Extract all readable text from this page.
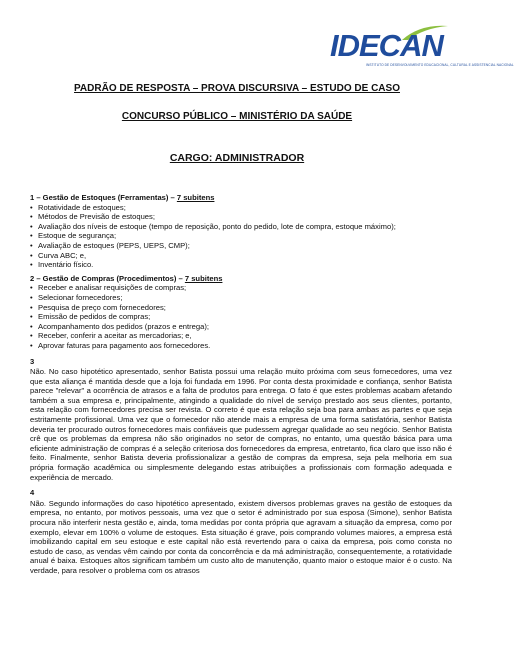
IDECAN
INSTITUTO DE DESENVOLVIMENTO EDUCACIONAL, CULTURAL E ASSISTENCIAL NACIONAL
PADRÃO DE RESPOSTA – PROVA DISCURSIVA – ESTUDO DE CASO
CONCURSO PÚBLICO – MINISTÉRIO DA SAÚDE
CARGO: ADMINISTRADOR

1 – Gestão de Estoques (Ferramentas) – 7 subitens

• Rotatividade de estoques;
• Métodos de Previsão de estoques;
• Avaliação dos níveis de estoque (tempo de reposição, ponto do pedido, lote de compra, estoque máximo);
• Estoque de segurança;
• Avaliação de estoques (PEPS, UEPS, CMP);
• Curva ABC; e,
• Inventário físico.

2 – Gestão de Compras (Procedimentos) – 7 subitens

• Receber e analisar requisições de compras;
• Selecionar fornecedores;
• Pesquisa de preço com fornecedores;
• Emissão de pedidos de compras;
• Acompanhamento dos pedidos (prazos e entrega);
• Receber, conferir a aceitar as mercadorias; e,
• Aprovar faturas para pagamento aos fornecedores.

3

Não. No caso hipotético apresentado, senhor Batista possui uma relação muito próxima com seus fornecedores, uma vez que esta aliança é mantida desde que a loja foi fundada em 1996. Por conta desta proximidade e confiança, senhor Batista parece "relevar" a ocorrência de atrasos e a falta de produtos para entrega. O fato é que estes problemas acabam afetando também a sua empresa e, principalmente, atingindo a qualidade do nível de serviço prestado aos seus clientes, portanto, esta relação com fornecedores precisa ser revista. O correto é que esta relação seja boa para ambas as partes e que seja estritamente profissional. Uma vez que o fornecedor não atende mais a empresa de uma forma satisfatória, senhor Batista deveria ter procurado outros fornecedores mais confiáveis que pudessem agregar qualidade ao seu negócio. Senhor Batista crê que os problemas da empresa não são originados no setor de compras, no entanto, uma questão básica para uma eficiente administração de compras é a seleção criteriosa dos fornecedores da empresa, entretanto, fica claro que isso não é feito. Finalmente, senhor Batista deveria profissionalizar a gestão de compras da empresa, seja pela melhoria em sua própria formação acadêmica ou simplesmente delegando estas atribuições a profissionais com formação adequada e experiência de mercado.

4

Não. Segundo informações do caso hipotético apresentado, existem diversos problemas graves na gestão de estoques da empresa, no entanto, por motivos pessoais, uma vez que o setor é administrado por sua esposa (Simone), senhor Batista procura não interferir nesta gestão e, ainda, toma medidas por conta própria que agravam a situação da empresa, como por exemplo, elevar em 100% o volume de estoques. Esta situação é grave, pois comprando volumes maiores, a empresa está imobilizando capital em seu estoque e este capital não está revertendo para o caixa da empresa, pois como consta no estudo de caso, as vendas vêm caindo por conta da concorrência e da má administração, consequentemente, a rotatividade anual é baixa. Estoques altos significam também um custo alto de manutenção, quanto maior o estoque maior é o custo. Na verdade, para resolver o problema com os atrasos
